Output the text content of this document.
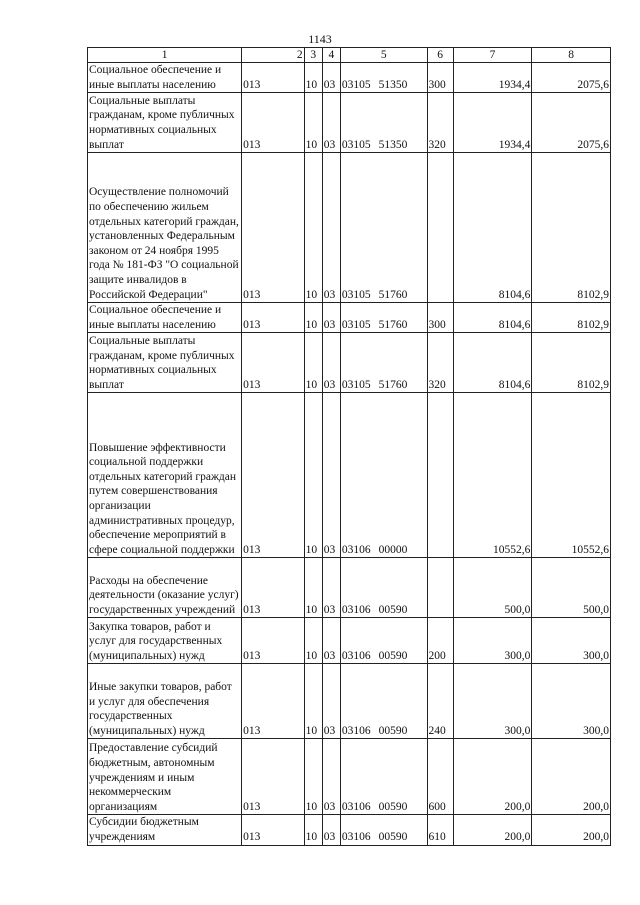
1143
1	2	3	4	5	6	7	8
Социальное обеспечение и иные выплаты населению	013	10	03	03105 51350	300	1934,4	2075,6
Социальные выплаты гражданам, кроме публичных нормативных социальных выплат	013	10	03	03105 51350	320	1934,4	2075,6
Осуществление полномочий по обеспечению жильем отдельных категорий граждан, установленных Федеральным законом от 24 ноября 1995 года № 181-ФЗ "О социальной защите инвалидов в Российской Федерации"	013	10	03	03105 51760		8104,6	8102,9
Социальное обеспечение и иные выплаты населению	013	10	03	03105 51760	300	8104,6	8102,9
Социальные выплаты гражданам, кроме публичных нормативных социальных выплат	013	10	03	03105 51760	320	8104,6	8102,9
Повышение эффективности социальной поддержки отдельных категорий граждан путем совершенствования организации административных процедур, обеспечение мероприятий в сфере социальной поддержки	013	10	03	03106 00000		10552,6	10552,6
Расходы на обеспечение деятельности (оказание услуг) государственных учреждений	013	10	03	03106 00590		500,0	500,0
Закупка товаров, работ и услуг для государственных (муниципальных) нужд	013	10	03	03106 00590	200	300,0	300,0
Иные закупки товаров, работ и услуг для обеспечения государственных (муниципальных) нужд	013	10	03	03106 00590	240	300,0	300,0
Предоставление субсидий бюджетным, автономным учреждениям и иным некоммерческим организациям	013	10	03	03106 00590	600	200,0	200,0
Субсидии бюджетным учреждениям	013	10	03	03106 00590	610	200,0	200,0
